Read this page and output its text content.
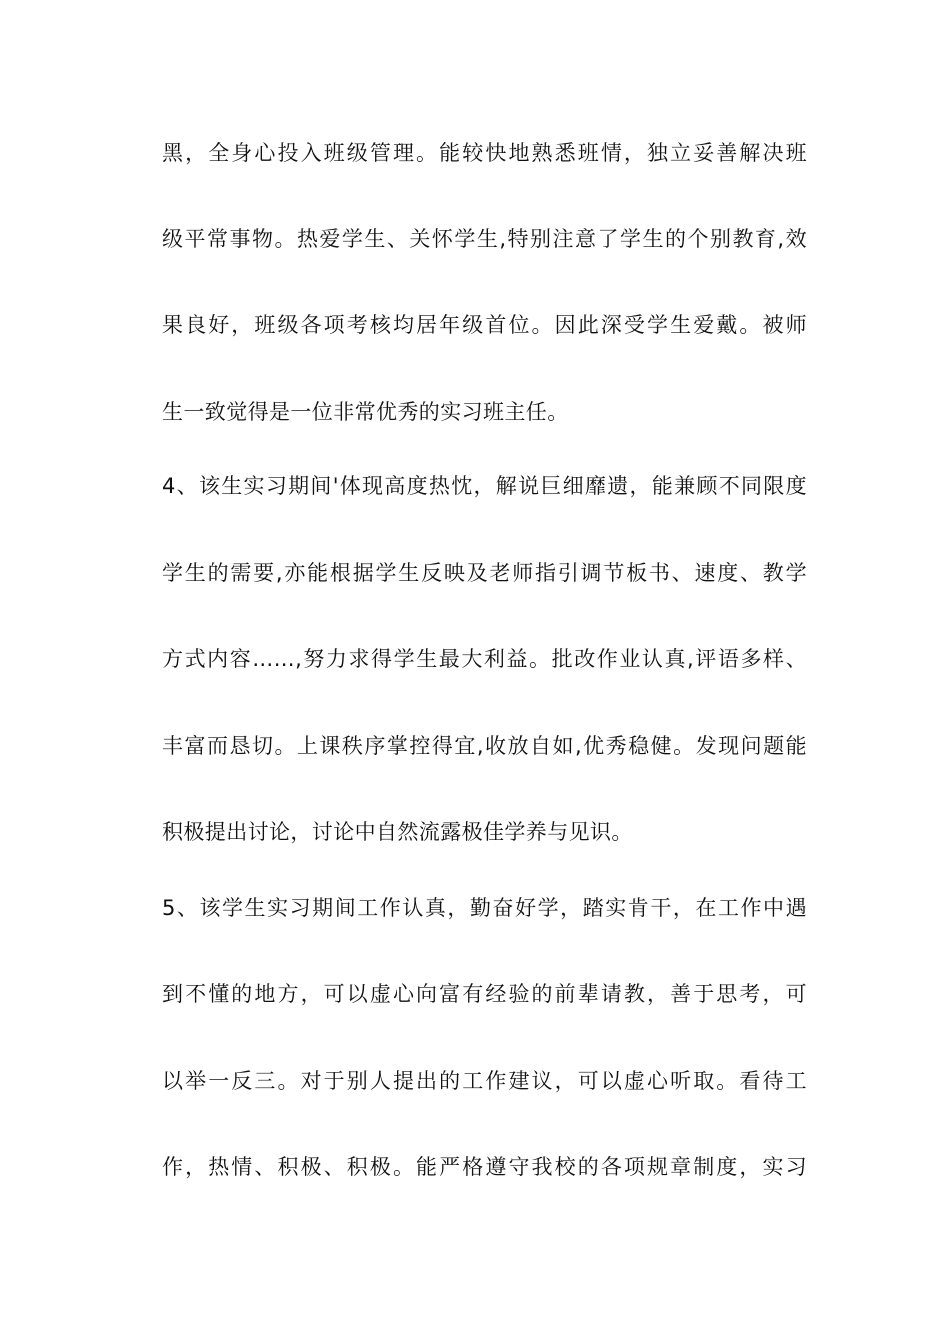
黑，全身心投入班级管理。能较快地熟悉班情，独立妥善解决班
级平常事物。热爱学生、关怀学生,特别注意了学生的个别教育,效
果良好，班级各项考核均居年级首位。因此深受学生爱戴。被师
生一致觉得是一位非常优秀的实习班主任。
4、该生实习期间'体现高度热忱，解说巨细靡遗，能兼顾不同限度
学生的需要,亦能根据学生反映及老师指引调节板书、速度、教学
方式内容……,努力求得学生最大利益。批改作业认真,评语多样、
丰富而恳切。上课秩序掌控得宜,收放自如,优秀稳健。发现问题能
积极提出讨论，讨论中自然流露极佳学养与见识。
5、该学生实习期间工作认真，勤奋好学，踏实肯干，在工作中遇
到不懂的地方，可以虚心向富有经验的前辈请教，善于思考，可
以举一反三。对于别人提出的工作建议，可以虚心听取。看待工
作，热情、积极、积极。能严格遵守我校的各项规章制度，实习
